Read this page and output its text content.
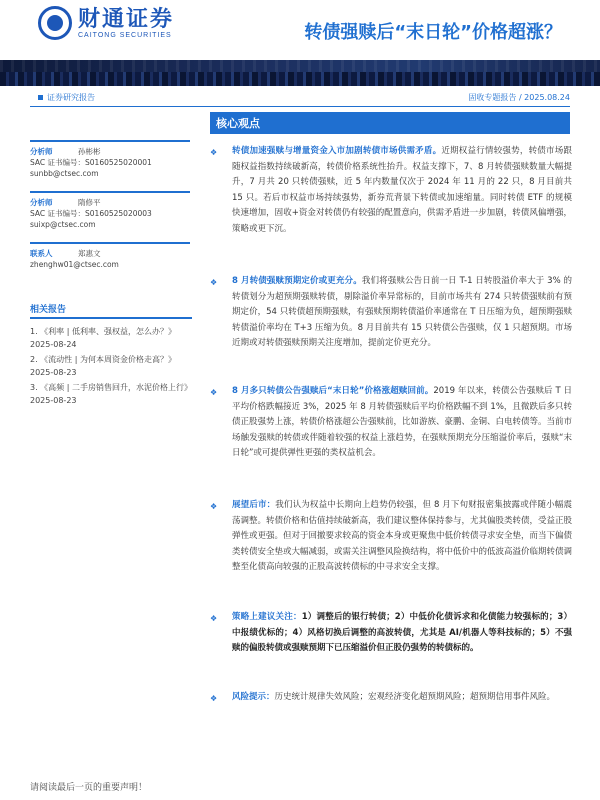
财通证券
CAITONG SECURITIES	转债强赎后“末日轮”价格超涨？
证券研究报告	固收专题报告 / 2025.08.24
分析师	孙彬彬
SAC 证书编号：S0160525020001
sunbb@ctsec.com
分析师	隋修平
SAC 证书编号：S0160525020003
suixp@ctsec.com
联系人	郑惠文
zhenghw01@ctsec.com
相关报告
1. 《利率 | 低利率、强权益，怎么办？》
2025-08-24
2. 《流动性 | 为何本周资金价格走高？》
2025-08-23
3. 《高频 | 二手房销售回升，水泥价格上行》
2025-08-23
核心观点
❖ 转债加速强赎与增量资金入市加剧转债市场供需矛盾。近期权益行情较强势，转债市场跟随权益指数持续破新高，转债价格系统性抬升。权益支撑下，7、8 月转债强赎数量大幅提升，7 月共 20 只转债强赎，近 5 年内数量仅次于 2024 年 11 月的 22 只，8 月目前共 15 只。若后市权益市场持续强势，新券荒背景下转债或加速缩量。同时转债 ETF 的规模快速增加，固收+资金对转债仍有较强的配置意向，供需矛盾进一步加剧，转债风偏增强，策略或更下沉。
❖ 8 月转债强赎预期定价或更充分。我们将强赎公告日前一日 T-1 日转股溢价率大于 3% 的转债划分为超预期强赎转债，剔除溢价率异常标的，目前市场共有 274 只转债强赎前有预期定价，54 只转债超预期强赎，有强赎预期转债溢价率通常在 T 日压缩为负，超预期强赎转债溢价率均在 T+3 压缩为负。8 月目前共有 15 只转债公告强赎，仅 1 只超预期。市场近期或对转债强赎预期关注度增加，提前定价更充分。
❖ 8 月多只转债公告强赎后“末日轮”价格涨超赎回前。2019 年以来，转债公告强赎后 T 日平均价格跌幅接近 3%，2025 年 8 月转债强赎后平均价格跌幅不到 1%，且微跌后多只转债正股强势上涨，转债价格涨超公告强赎前，比如游族、豪鹏、金铜、白电转债等。当前市场触发强赎的转债或伴随着较强的权益上涨趋势，在强赎预期充分压缩溢价率后，强赎“末日轮”或可提供弹性更强的类权益机会。
❖ 展望后市：我们认为权益中长期向上趋势仍较强，但 8 月下旬财报密集披露或伴随小幅震荡调整。转债价格和估值持续破新高，我们建议整体保持参与，尤其偏股类转债，受益正股弹性或更强。但对于回撤要求较高的资金本身或更聚焦中低价转债寻求安全垫，而当下偏债类转债安全垫或大幅减弱，或需关注调整风险换结构，将中低价中的低波高溢价临期转债调整至化债高向较强的正股高波转债标的中寻求安全支撑。
❖ 策略上建议关注：1）调整后的银行转债；2）中低价化债诉求和化债能力较强标的；3）中报绩优标的；4）风格切换后调整的高波转债，尤其是 AI/机器人等科技标的；5）不强赎的偏股转债或强赎预期下已压缩溢价但正股仍强势的转债标的。
❖ 风险提示：历史统计规律失效风险；宏观经济变化超预期风险；超预期信用事件风险。
请阅读最后一页的重要声明！
